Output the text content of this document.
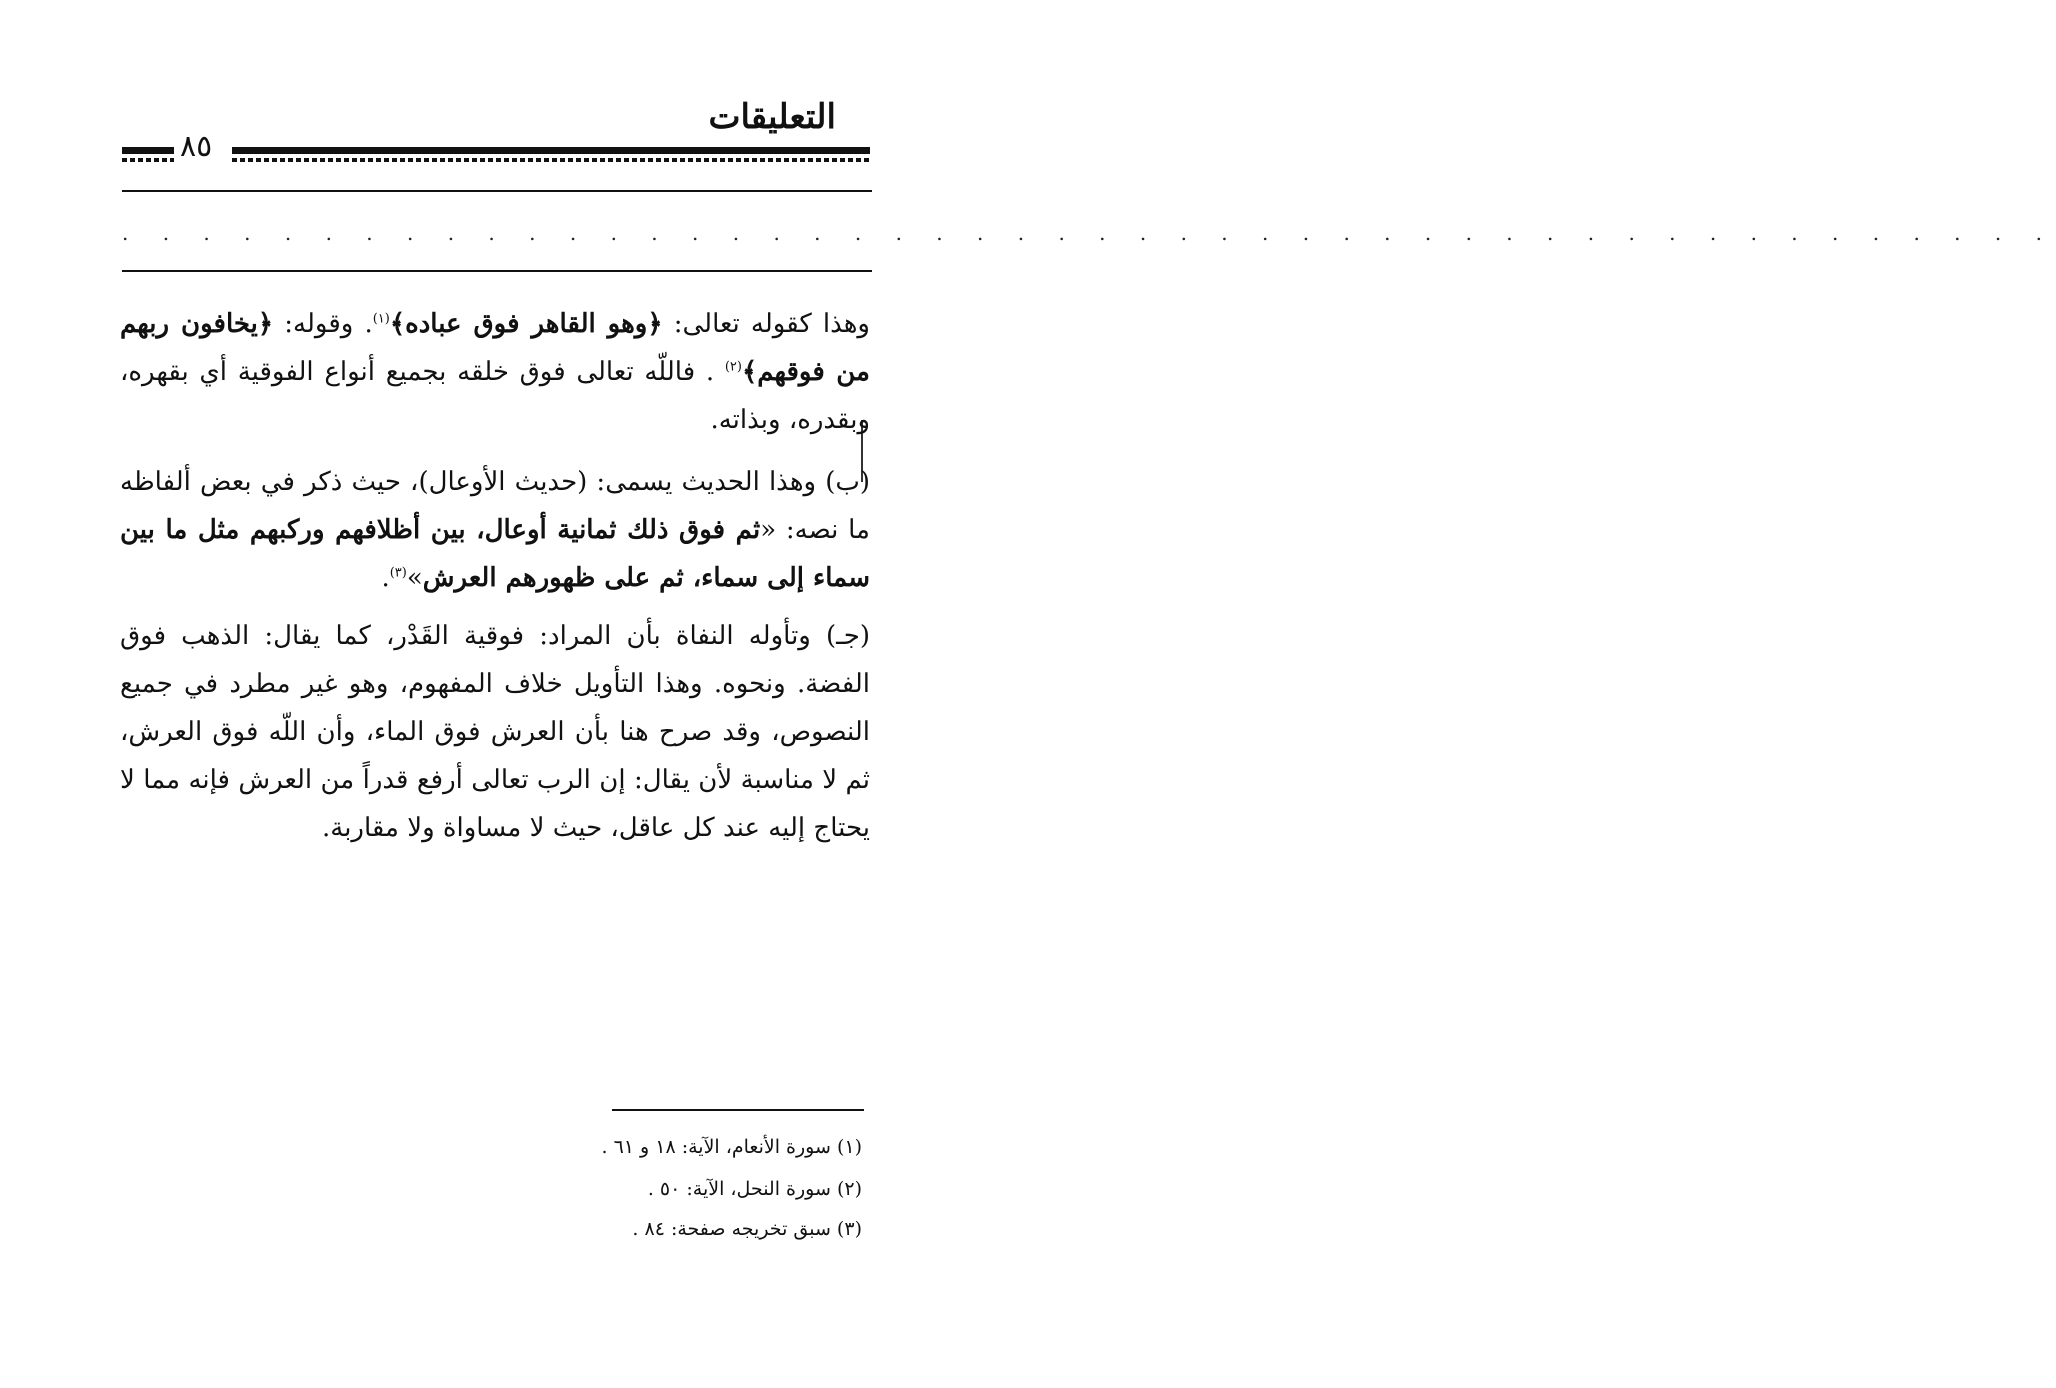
التعليقات
٨٥
. . . . . . . . . . . . . . . . . . . . . . . . . . . . . . . . . . . . . . . . . . . . . . . .
وهذا كقوله تعالى: ﴿وهو القاهر فوق عباده﴾$^{(١)}$. وقوله: ﴿يخافون ربهم من فوقهم﴾$^{(٢)}$ . فاللّه تعالى فوق خلقه بجميع أنواع الفوقية أي بقهره، وبقدره، وبذاته.
(ب) وهذا الحديث يسمى: (حديث الأوعال)، حيث ذكر في بعض ألفاظه ما نصه: «ثم فوق ذلك ثمانية أوعال، بين أظلافهم وركبهم مثل ما بين سماء إلى سماء، ثم على ظهورهم العرش»$^{(٣)}$.
(جـ) وتأوله النفاة بأن المراد: فوقية القَدْر، كما يقال: الذهب فوق الفضة. ونحوه. وهذا التأويل خلاف المفهوم، وهو غير مطرد في جميع النصوص، وقد صرح هنا بأن العرش فوق الماء، وأن اللّه فوق العرش، ثم لا مناسبة لأن يقال: إن الرب تعالى أرفع قدراً من العرش فإنه مما لا يحتاج إليه عند كل عاقل، حيث لا مساواة ولا مقاربة.
(١) سورة الأنعام، الآية: ١٨ و ٦١ .
(٢) سورة النحل، الآية: ٥٠ .
(٣) سبق تخريجه صفحة: ٨٤ .
